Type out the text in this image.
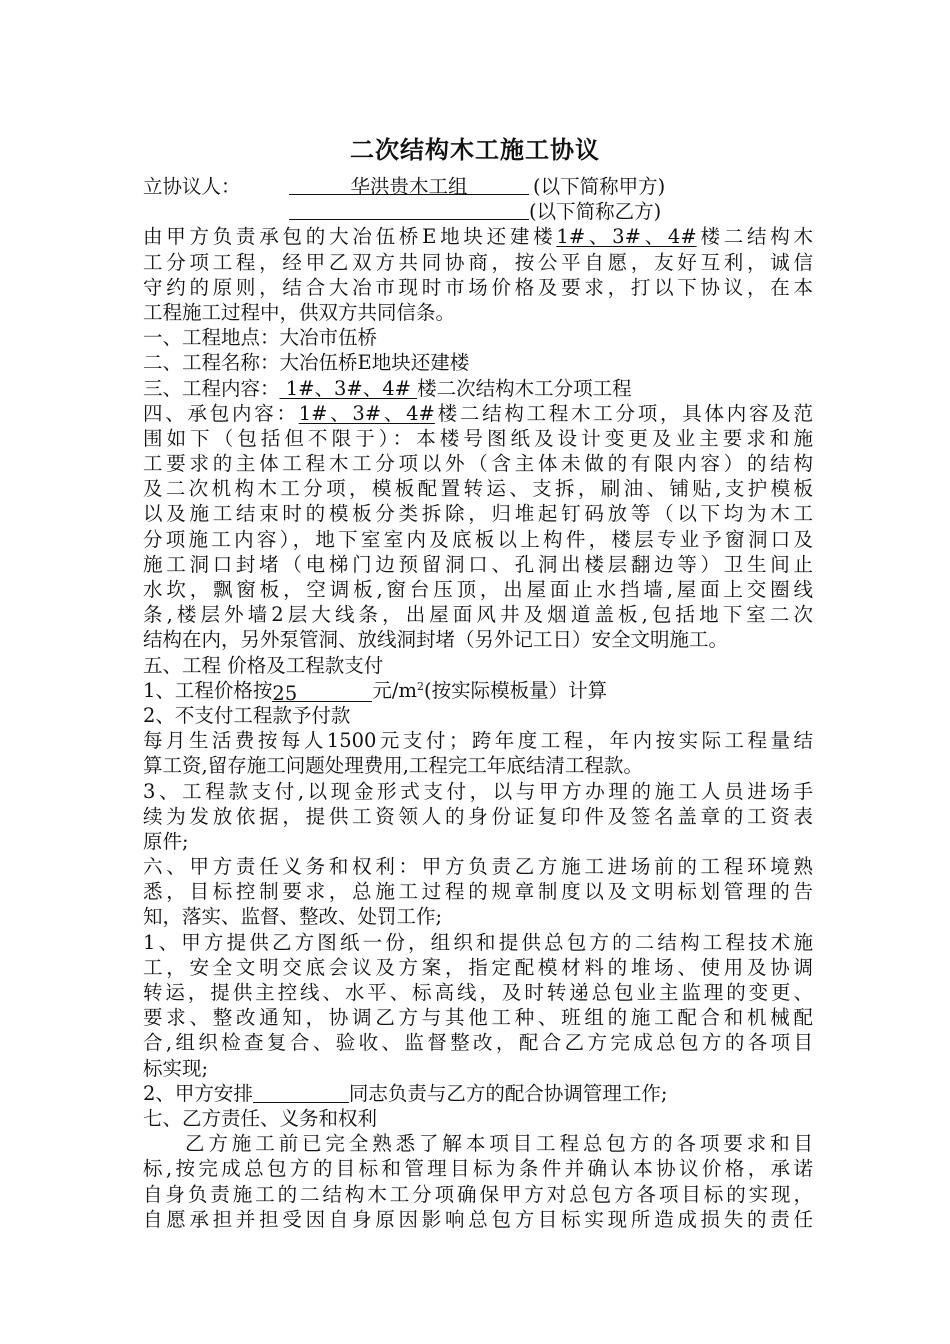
二次结构木工施工协议
立协议人：	华洪贵木工组	(以下简称甲方)
(以下简称乙方)
由甲方负责承包的大冶伍桥E地块还建楼1#、3#、4#楼二结构木
工分项工程，经甲乙双方共同协商，按公平自愿，友好互利，诚信
守约的原则，结合大冶市现时市场价格及要求，打以下协议，在本
工程施工过程中，供双方共同信条。
一、工程地点：大冶市伍桥
二、工程名称：大冶伍桥E地块还建楼
三、工程内容： 1#、3#、4# 楼二次结构木工分项工程
四、承包内容：1#、3#、4#楼二结构工程木工分项，具体内容及范
围如下（包括但不限于）：本楼号图纸及设计变更及业主要求和施
工要求的主体工程木工分项以外（含主体未做的有限内容）的结构
及二次机构木工分项，模板配置转运、支拆，刷油、铺贴,支护模板
以及施工结束时的模板分类拆除，归堆起钉码放等（以下均为木工
分项施工内容），地下室室内及底板以上构件，楼层专业予窗洞口及
施工洞口封堵（电梯门边预留洞口、孔洞出楼层翻边等）卫生间止
水坎，飘窗板，空调板,窗台压顶，出屋面止水挡墙,屋面上交圈线
条,楼层外墙2层大线条，出屋面风井及烟道盖板,包括地下室二次
结构在内，另外泵管洞、放线洞封堵（另外记工日）安全文明施工。
五、工程 价格及工程款支付
1、工程价格按25	元$/m^2$(按实际模板量）计算
2、不支付工程款予付款
每月生活费按每人1500元支付；跨年度工程，年内按实际工程量结
算工资,留存施工问题处理费用,工程完工年底结清工程款。
3、工程款支付,以现金形式支付，以与甲方办理的施工人员进场手
续为发放依据，提供工资领人的身份证复印件及签名盖章的工资表
原件;
六、甲方责任义务和权利：甲方负责乙方施工进场前的工程环境熟
悉，目标控制要求，总施工过程的规章制度以及文明标划管理的告
知，落实、监督、整改、处罚工作;
1、甲方提供乙方图纸一份，组织和提供总包方的二结构工程技术施
工，安全文明交底会议及方案，指定配模材料的堆场、使用及协调
转运，提供主控线、水平、标高线，及时转递总包业主监理的变更、
要求、整改通知，协调乙方与其他工种、班组的施工配合和机械配
合,组织检查复合、验收、监督整改，配合乙方完成总包方的各项目
标实现;
2、甲方安排	同志负责与乙方的配合协调管理工作;
七、乙方责任、义务和权利
乙方施工前已完全熟悉了解本项目工程总包方的各项要求和目
标,按完成总包方的目标和管理目标为条件并确认本协议价格，承诺
自身负责施工的二结构木工分项确保甲方对总包方各项目标的实现，
自愿承担并担受因自身原因影响总包方目标实现所造成损失的责任
